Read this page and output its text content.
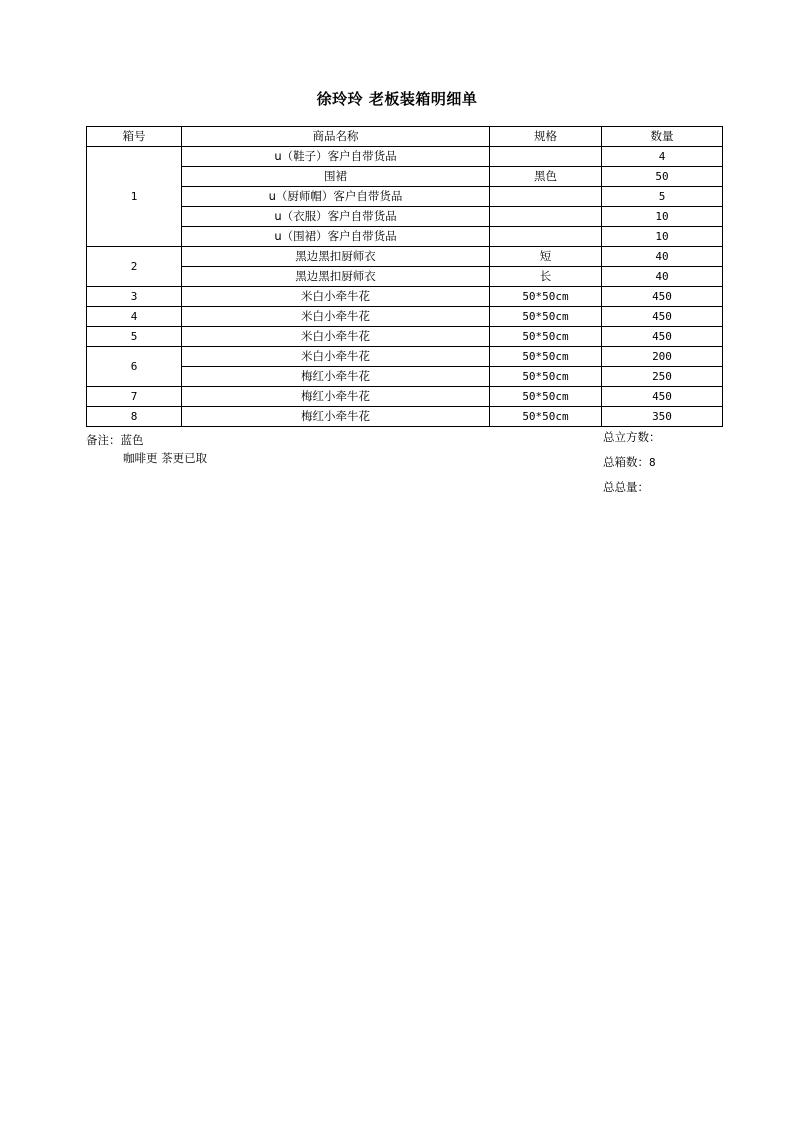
徐玲玲 老板装箱明细单
箱号	商品名称	规格	数量
1	u（鞋子）客户自带货品		4
	围裙	黑色	50
	u（厨师帽）客户自带货品		5
	u（衣服）客户自带货品		10
	u（围裙）客户自带货品		10
2	黑边黑扣厨师衣	短	40
	黑边黑扣厨师衣	长	40
3	米白小牵牛花	50*50cm	450
4	米白小牵牛花	50*50cm	450
5	米白小牵牛花	50*50cm	450
6	米白小牵牛花	50*50cm	200
	梅红小牵牛花	50*50cm	250
7	梅红小牵牛花	50*50cm	450
8	梅红小牵牛花	50*50cm	350
备注：蓝色
咖啡更 茶更已取
总立方数：
总箱数：8
总总量：
